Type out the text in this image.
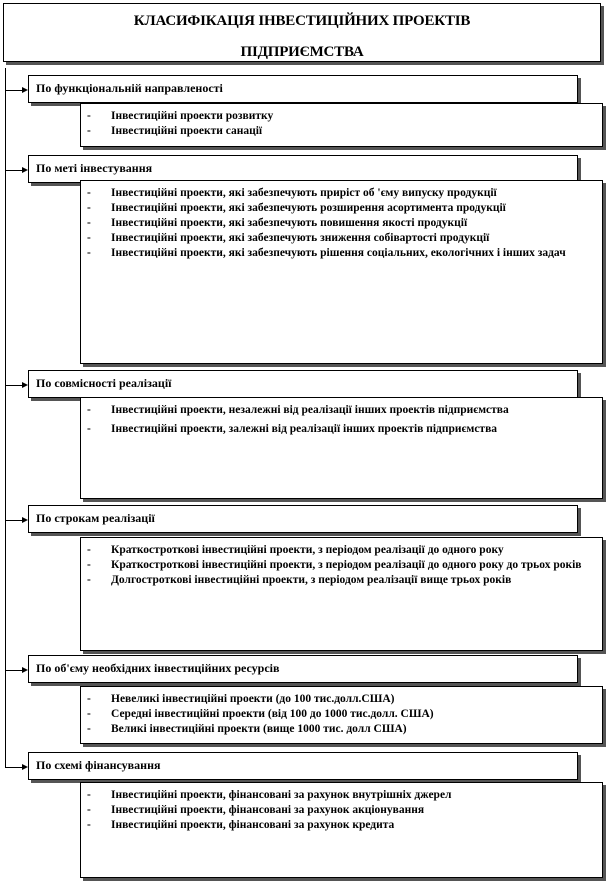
КЛАСИФІКАЦІЯ ІНВЕСТИЦІЙНИХ ПРОЕКТІВ
ПІДПРИЄМСТВА
По функціональній направленості
- Інвестиційні проекти розвитку
- Інвестиційні проекти санації
По меті інвестування
- Інвестиційні проекти, які забезпечують приріст об 'єму випуску продукції
- Інвестиційні проекти, які забезпечують розширення асортимента продукції
- Інвестиційні проекти, які забезпечують повишення якості продукції
- Інвестиційні проекти, які забезпечують зниження собівартості продукції
- Інвестиційні проекти, які забезпечують рішення соціальних, екологічних і інших задач
По совмісності реалізації
- Інвестиційні проекти, незалежні від реалізації інших проектів підприємства
- Інвестиційні проекти, залежні від реалізації інших проектів підприємства
По строкам реалізації
- Краткостроткові інвестиційні проекти, з періодом реалізації до одного року
- Краткостроткові інвестиційні проекти, з періодом реалізації до одного року до трьох років
- Долгостроткові інвестиційні проекти, з періодом реалізації вище трьох років
По об'єму необхідних інвестиційних ресурсів
- Невеликі інвестиційні проекти (до 100 тис.долл.США)
- Середні інвестиційні проекти (від 100 до 1000 тис.долл. США)
- Великі інвестиційні проекти (вище 1000 тис. долл США)
По схемі фінансування
- Інвестиційні проекти, фінансовані за рахунок внутрішніх джерел
- Інвестиційні проекти, фінансовані за рахунок акціонування
- Інвестиційні проекти, фінансовані за рахунок кредита
